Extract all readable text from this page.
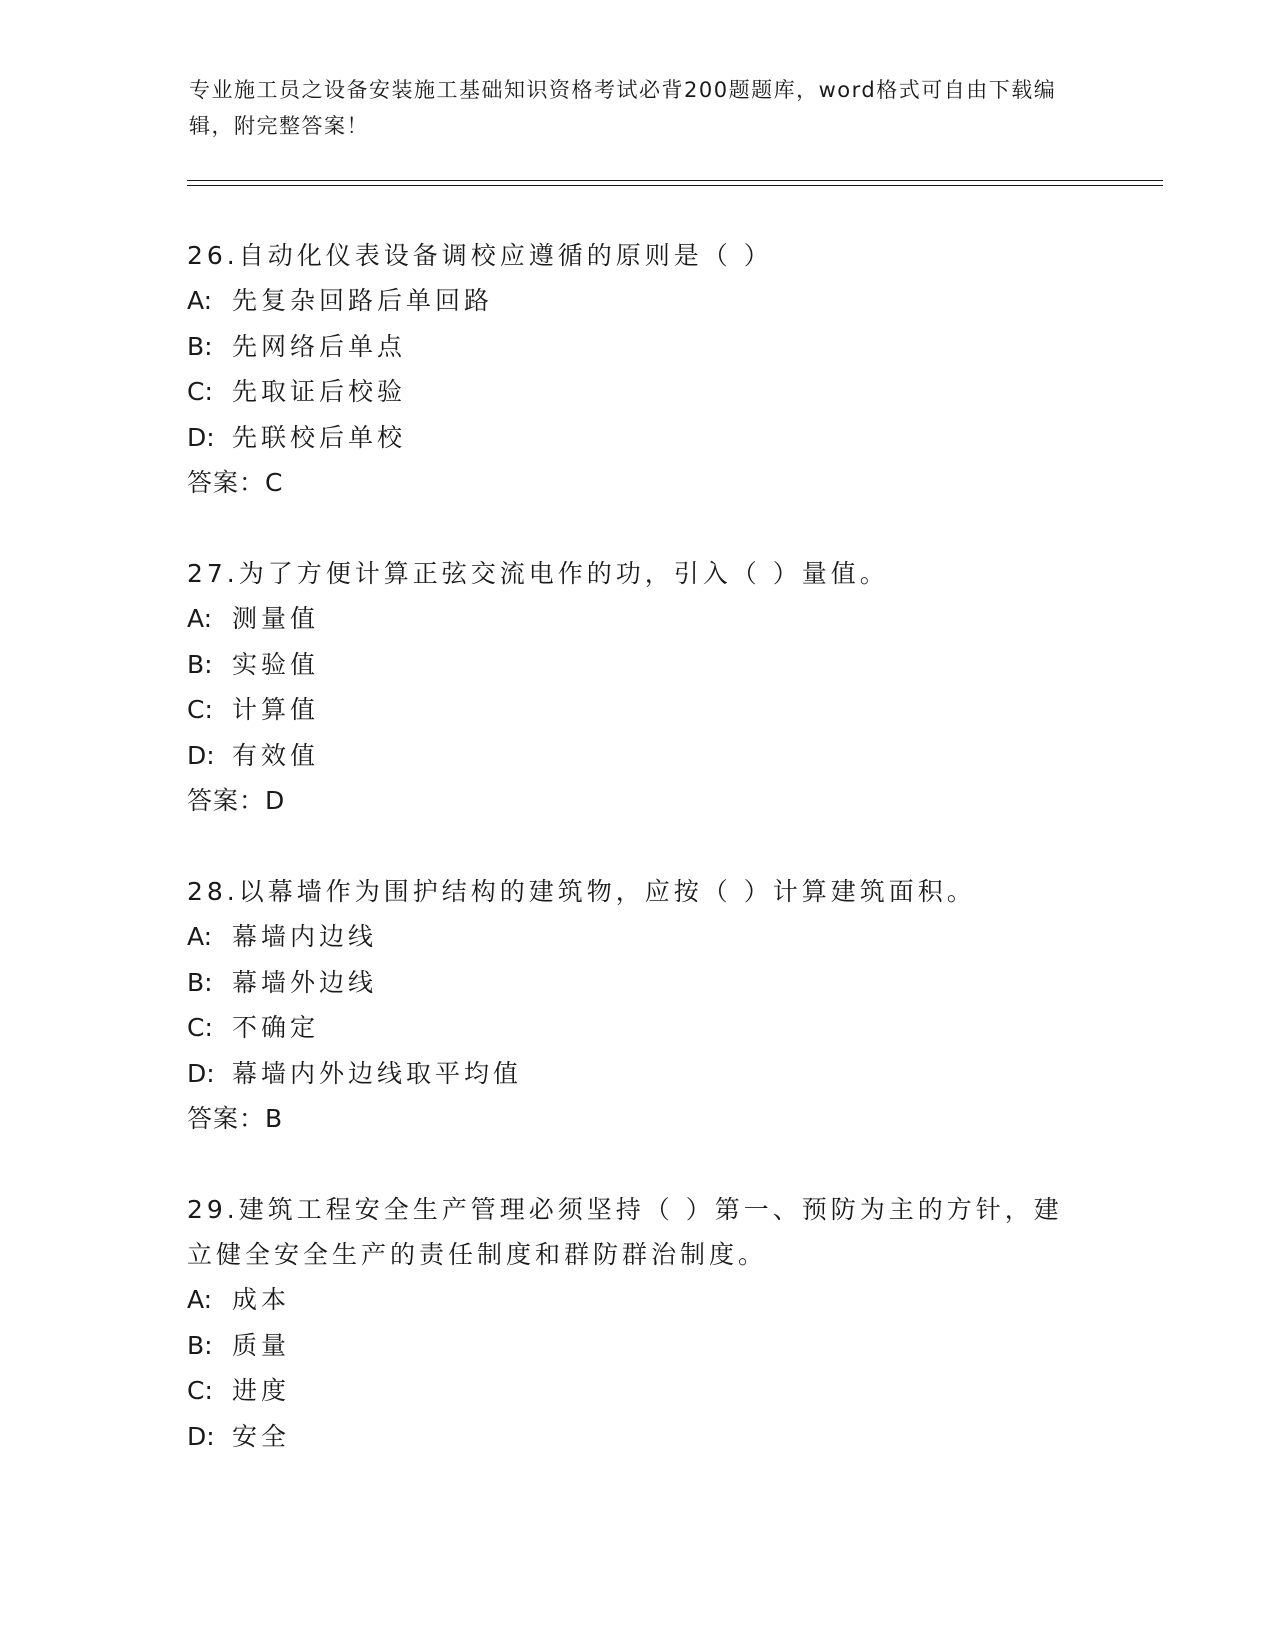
专业施工员之设备安装施工基础知识资格考试必背200题题库，word格式可自由下载编辑，附完整答案！
26.自动化仪表设备调校应遵循的原则是（ ）
A: 先复杂回路后单回路
B: 先网络后单点
C: 先取证后校验
D: 先联校后单校
答案：C
27.为了方便计算正弦交流电作的功，引入（ ）量值。
A: 测量值
B: 实验值
C: 计算值
D: 有效值
答案：D
28.以幕墙作为围护结构的建筑物，应按（ ）计算建筑面积。
A: 幕墙内边线
B: 幕墙外边线
C: 不确定
D: 幕墙内外边线取平均值
答案：B
29.建筑工程安全生产管理必须坚持（ ）第一、预防为主的方针，建立健全安全生产的责任制度和群防群治制度。
A: 成本
B: 质量
C: 进度
D: 安全
